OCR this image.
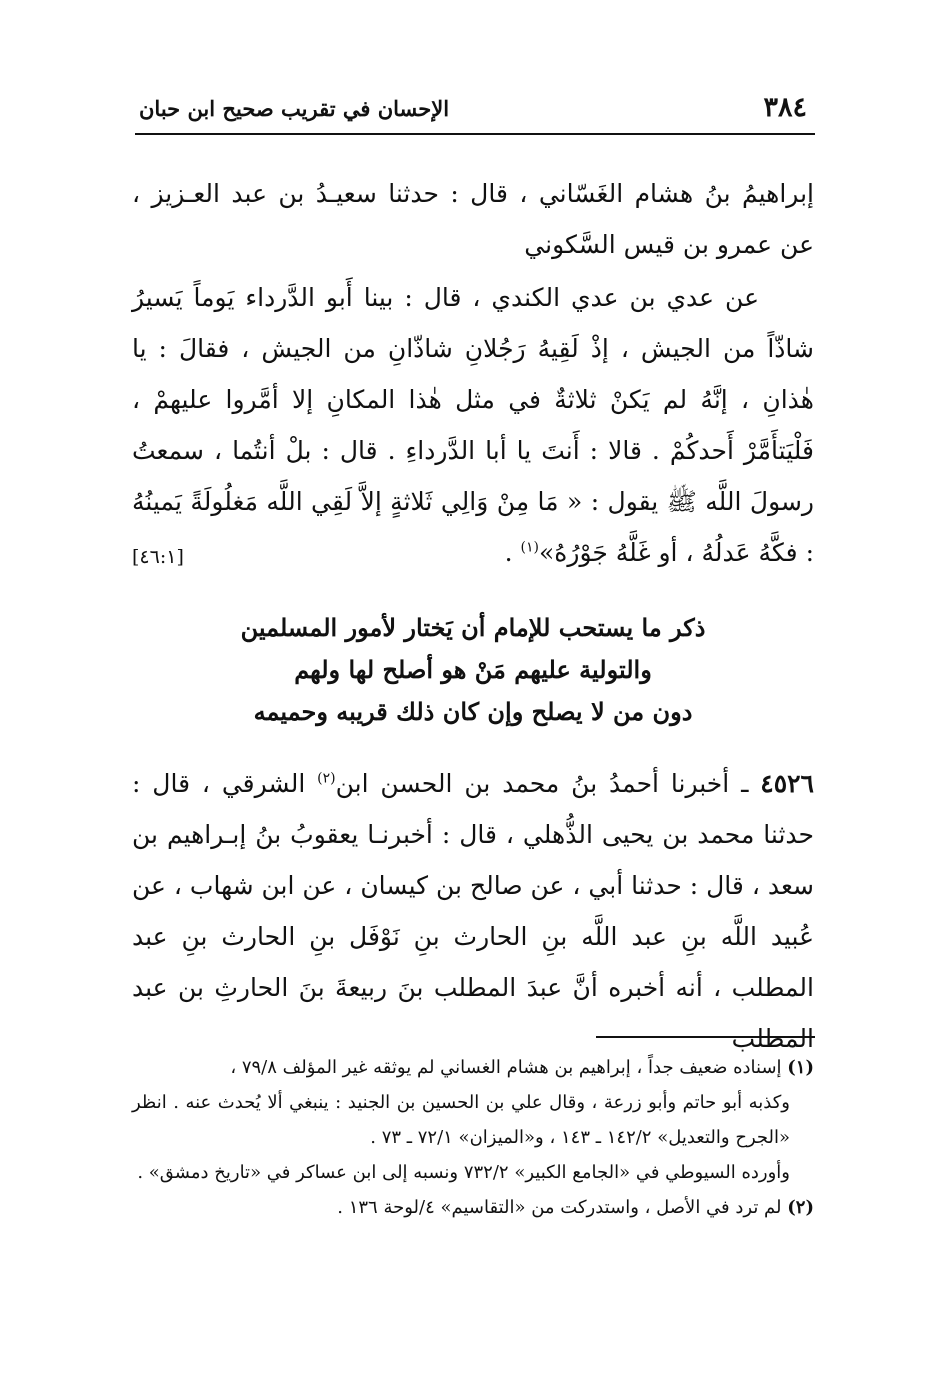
٣٨٤
الإحسان في تقريب صحيح ابن حبان

إبراهيمُ بنُ هشام الغَسّاني ، قال : حدثنا سعيـدُ بن عبد العـزيز ، عن عمرو بن قيس السَّكوني

عن عدي بن عدي الكندي ، قال : بينا أَبو الدَّرداء يَوماً يَسيرُ شاذّاً من الجيش ، إذْ لَقِيهُ رَجُلانِ شاذّانِ من الجيش ، فقالَ : يا هٰذانِ ، إنَّهُ لم يَكنْ ثلاثةٌ في مثل هٰذا المكانِ إلا أمَّروا عليهمْ ، فَلْيَتأَمَّرْ أَحدكُمْ . قالا : أَنتَ يا أبا الدَّرداءِ . قال : بلْ أنتُما ، سمعتُ رسولَ اللَّه ﷺ يقول : « مَا مِنْ وَالِي ثَلاثةٍ إلاَّ لَقِي اللَّه مَغلُولَةً يَمينُهُ : فكَّهُ عَدلُهُ ، أو غَلَّهُ جَوْرُهُ»$^{(١)}$ .
[٤٦:١]

ذكر ما يستحب للإمام أن يَختار لأمور المسلمين
والتولية عليهم مَنْ هو أصلح لها ولهم
دون من لا يصلح وإن كان ذلك قريبه وحميمه

٤٥٢٦ ـ أخبرنا أحمدُ بنُ محمد بن الحسن ابن$^{(٢)}$ الشرقي ، قال : حدثنا محمد بن يحيى الذُّهلي ، قال : أخبرنـا يعقوبُ بنُ إبـراهيم بن سعد ، قال : حدثنا أبي ، عن صالح بن كيسان ، عن ابن شهاب ، عن عُبيد اللَّه بنِ عبد اللَّه بنِ الحارث بنِ نَوْفَل بنِ الحارث بنِ عبد المطلب ، أنه أخبره أنَّ عبدَ المطلب بنَ ربيعةَ بنَ الحارثِ بن عبد المطلب

(١) إسناده ضعيف جداً ، إبراهيم بن هشام الغساني لم يوثقه غير المؤلف ٧٩/٨ ،

وكذبه أبو حاتم وأبو زرعة ، وقال علي بن الحسين بن الجنيد : ينبغي ألا يُحدث عنه . انظر «الجرح والتعديل» ١٤٢/٢ ـ ١٤٣ ، و«الميزان» ٧٢/١ ـ ٧٣ .

وأورده السيوطي في «الجامع الكبير» ٧٣٢/٢ ونسبه إلى ابن عساكر في «تاريخ دمشق» .

(٢) لم ترد في الأصل ، واستدركت من «التقاسيم» ٤/لوحة ١٣٦ .
